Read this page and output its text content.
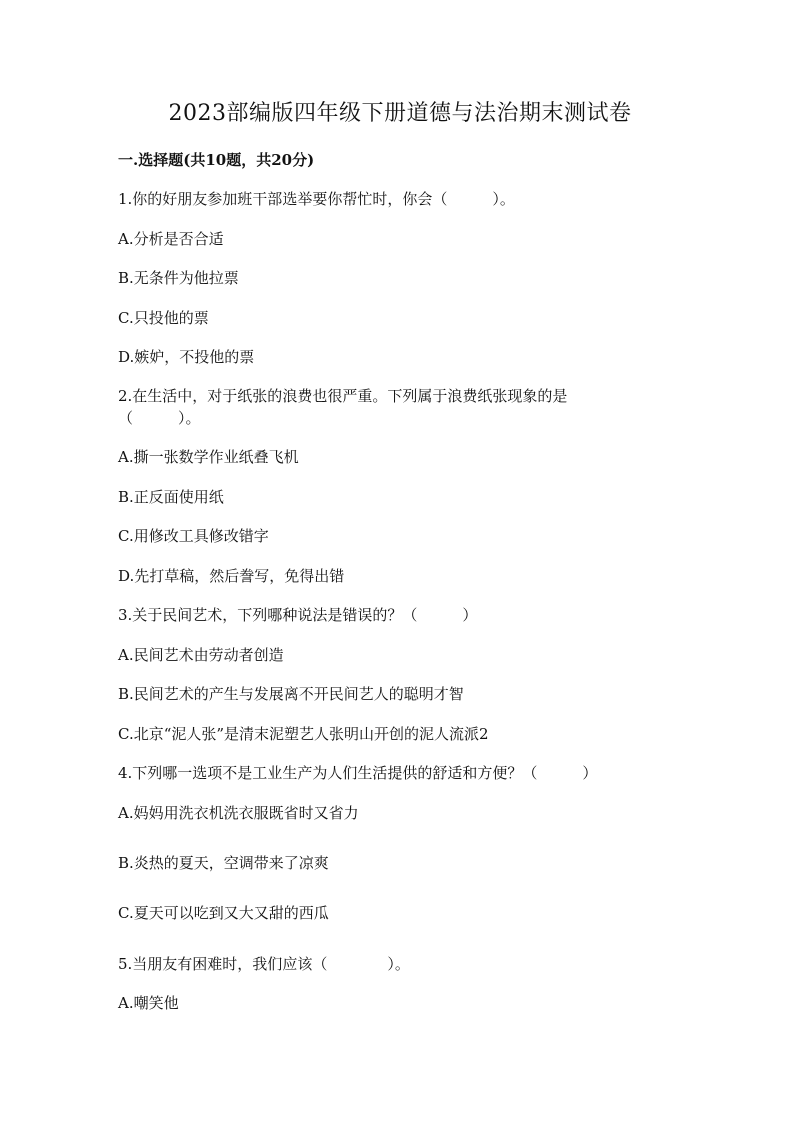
2023部编版四年级下册道德与法治期末测试卷
一.选择题(共10题，共20分)
1.你的好朋友参加班干部选举要你帮忙时，你会（　　　）。
A.分析是否合适
B.无条件为他拉票
C.只投他的票
D.嫉妒，不投他的票
2.在生活中，对于纸张的浪费也很严重。下列属于浪费纸张现象的是（　　　）。
A.撕一张数学作业纸叠飞机
B.正反面使用纸
C.用修改工具修改错字
D.先打草稿，然后誊写，免得出错
3.关于民间艺术，下列哪种说法是错误的？（　　　）
A.民间艺术由劳动者创造
B.民间艺术的产生与发展离不开民间艺人的聪明才智
C.北京“泥人张”是清末泥塑艺人张明山开创的泥人流派2
4.下列哪一选项不是工业生产为人们生活提供的舒适和方便？（　　　）
A.妈妈用洗衣机洗衣服既省时又省力
B.炎热的夏天，空调带来了凉爽
C.夏天可以吃到又大又甜的西瓜
5.当朋友有困难时，我们应该（　　　　）。
A.嘲笑他
